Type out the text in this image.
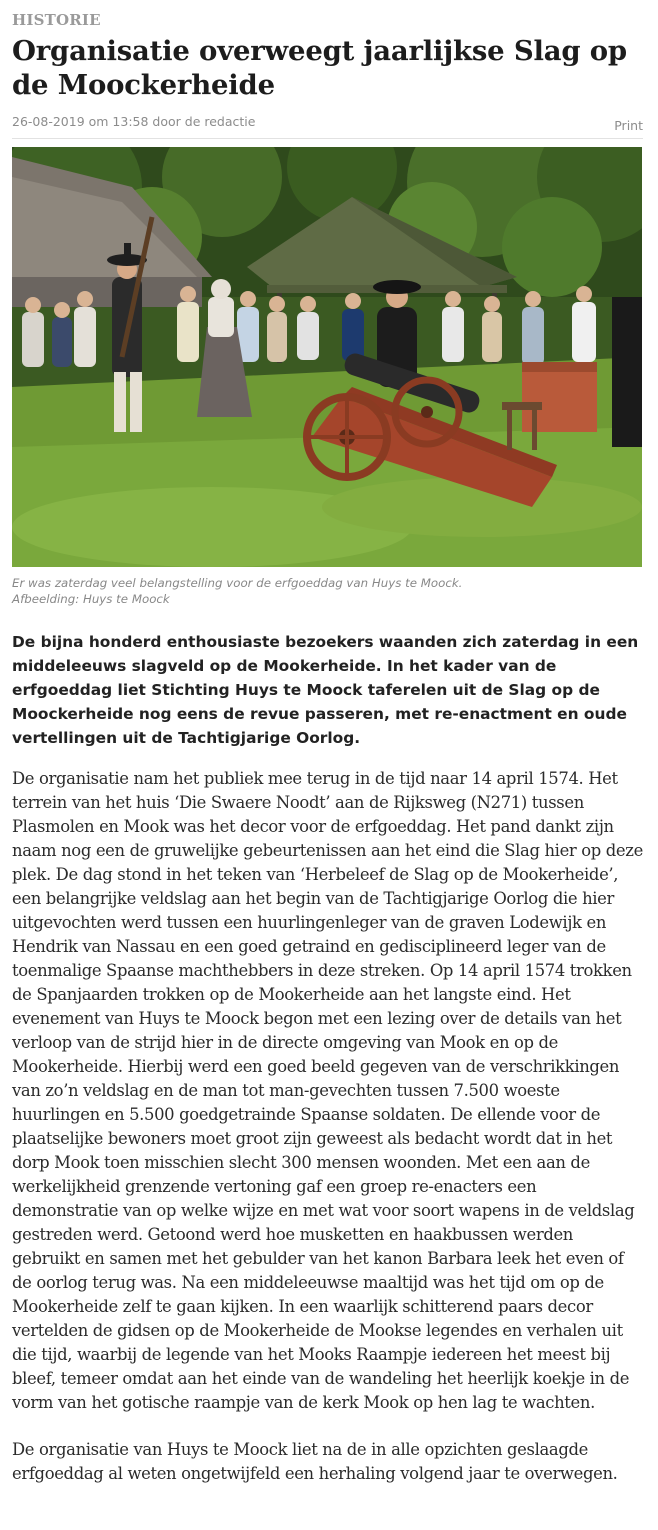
HISTORIE
Organisatie overweegt jaarlijkse Slag op de Moockerheide
26-08-2019 om 13:58 door de redactie	Print
Er was zaterdag veel belangstelling voor de erfgoeddag van Huys te Moock.
Afbeelding: Huys te Moock
De bijna honderd enthousiaste bezoekers waanden zich zaterdag in een middeleeuws slagveld op de Mookerheide. In het kader van de erfgoeddag liet Stichting Huys te Moock taferelen uit de Slag op de Moockerheide nog eens de revue passeren, met re-enactment en oude vertellingen uit de Tachtigjarige Oorlog.
De organisatie nam het publiek mee terug in de tijd naar 14 april 1574. Het terrein van het huis ‘Die Swaere Noodt’ aan de Rijksweg (N271) tussen Plasmolen en Mook was het decor voor de erfgoeddag. Het pand dankt zijn naam nog een de gruwelijke gebeurtenissen aan het eind die Slag hier op deze plek. De dag stond in het teken van ‘Herbeleef de Slag op de Mookerheide’, een belangrijke veldslag aan het begin van de Tachtigjarige Oorlog die hier uitgevochten werd tussen een huurlingenleger van de graven Lodewijk en Hendrik van Nassau en een goed getraind en gedisciplineerd leger van de toenmalige Spaanse machthebbers in deze streken. Op 14 april 1574 trokken de Spanjaarden trokken op de Mookerheide aan het langste eind. Het evenement van Huys te Moock begon met een lezing over de details van het verloop van de strijd hier in de directe omgeving van Mook en op de Mookerheide. Hierbij werd een goed beeld gegeven van de verschrikkingen van zo’n veldslag en de man tot man-gevechten tussen 7.500 woeste huurlingen en 5.500 goedgetrainde Spaanse soldaten. De ellende voor de plaatselijke bewoners moet groot zijn geweest als bedacht wordt dat in het dorp Mook toen misschien slecht 300 mensen woonden. Met een aan de werkelijkheid grenzende vertoning gaf een groep re-enacters een demonstratie van op welke wijze en met wat voor soort wapens in de veldslag gestreden werd. Getoond werd hoe musketten en haakbussen werden gebruikt en samen met het gebulder van het kanon Barbara leek het even of de oorlog terug was. Na een middeleeuwse maaltijd was het tijd om op de Mookerheide zelf te gaan kijken. In een waarlijk schitterend paars decor vertelden de gidsen op de Mookerheide de Mookse legendes en verhalen uit die tijd, waarbij de legende van het Mooks Raampje iedereen het meest bij bleef, temeer omdat aan het einde van de wandeling het heerlijk koekje in de vorm van het gotische raampje van de kerk Mook op hen lag te wachten.
De organisatie van Huys te Moock liet na de in alle opzichten geslaagde erfgoeddag al weten ongetwijfeld een herhaling volgend jaar te overwegen.
